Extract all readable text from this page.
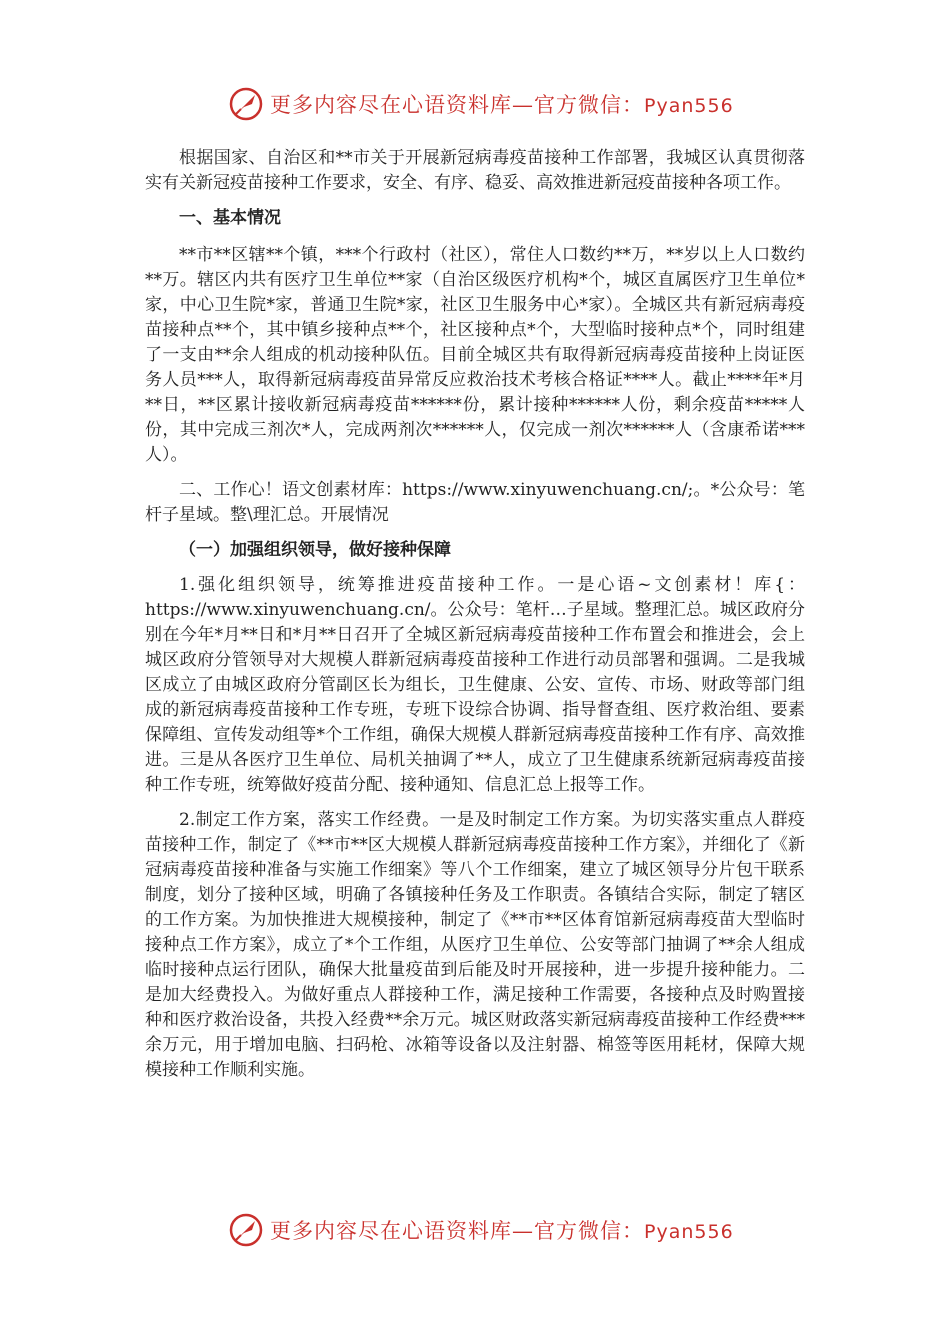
更多内容尽在心语资料库—官方微信：Pyan556

根据国家、自治区和**市关于开展新冠病毒疫苗接种工作部署，我城区认真贯彻落实有关新冠疫苗接种工作要求，安全、有序、稳妥、高效推进新冠疫苗接种各项工作。

一、基本情况

**市**区辖**个镇，***个行政村（社区），常住人口数约**万，**岁以上人口数约**万。辖区内共有医疗卫生单位**家（自治区级医疗机构*个，城区直属医疗卫生单位*家，中心卫生院*家，普通卫生院*家，社区卫生服务中心*家）。全城区共有新冠病毒疫苗接种点**个，其中镇乡接种点**个，社区接种点*个，大型临时接种点*个，同时组建了一支由**余人组成的机动接种队伍。目前全城区共有取得新冠病毒疫苗接种上岗证医务人员***人，取得新冠病毒疫苗异常反应救治技术考核合格证****人。截止****年*月**日，**区累计接收新冠病毒疫苗******份，累计接种******人份，剩余疫苗*****人份，其中完成三剂次*人，完成两剂次******人，仅完成一剂次******人（含康希诺***人）。

二、工作心！语文创素材库：https://www.xinyuwenchuang.cn/;。*公众号：笔杆子星域。整\理汇总。开展情况

（一）加强组织领导，做好接种保障

1.强化组织领导，统筹推进疫苗接种工作。一是心语~文创素材！库{：https://www.xinyuwenchuang.cn/。公众号：笔杆…子星域。整理汇总。城区政府分别在今年*月**日和*月**日召开了全城区新冠病毒疫苗接种工作布置会和推进会，会上城区政府分管领导对大规模人群新冠病毒疫苗接种工作进行动员部署和强调。二是我城区成立了由城区政府分管副区长为组长，卫生健康、公安、宣传、市场、财政等部门组成的新冠病毒疫苗接种工作专班，专班下设综合协调、指导督查组、医疗救治组、要素保障组、宣传发动组等*个工作组，确保大规模人群新冠病毒疫苗接种工作有序、高效推进。三是从各医疗卫生单位、局机关抽调了**人，成立了卫生健康系统新冠病毒疫苗接种工作专班，统筹做好疫苗分配、接种通知、信息汇总上报等工作。

2.制定工作方案，落实工作经费。一是及时制定工作方案。为切实落实重点人群疫苗接种工作，制定了《**市**区大规模人群新冠病毒疫苗接种工作方案》，并细化了《新冠病毒疫苗接种准备与实施工作细案》等八个工作细案，建立了城区领导分片包干联系制度，划分了接种区域，明确了各镇接种任务及工作职责。各镇结合实际，制定了辖区的工作方案。为加快推进大规模接种，制定了《**市**区体育馆新冠病毒疫苗大型临时接种点工作方案》，成立了*个工作组，从医疗卫生单位、公安等部门抽调了**余人组成临时接种点运行团队，确保大批量疫苗到后能及时开展接种，进一步提升接种能力。二是加大经费投入。为做好重点人群接种工作，满足接种工作需要，各接种点及时购置接种和医疗救治设备，共投入经费**余万元。城区财政落实新冠病毒疫苗接种工作经费***余万元，用于增加电脑、扫码枪、冰箱等设备以及注射器、棉签等医用耗材，保障大规模接种工作顺利实施。

更多内容尽在心语资料库—官方微信：Pyan556
